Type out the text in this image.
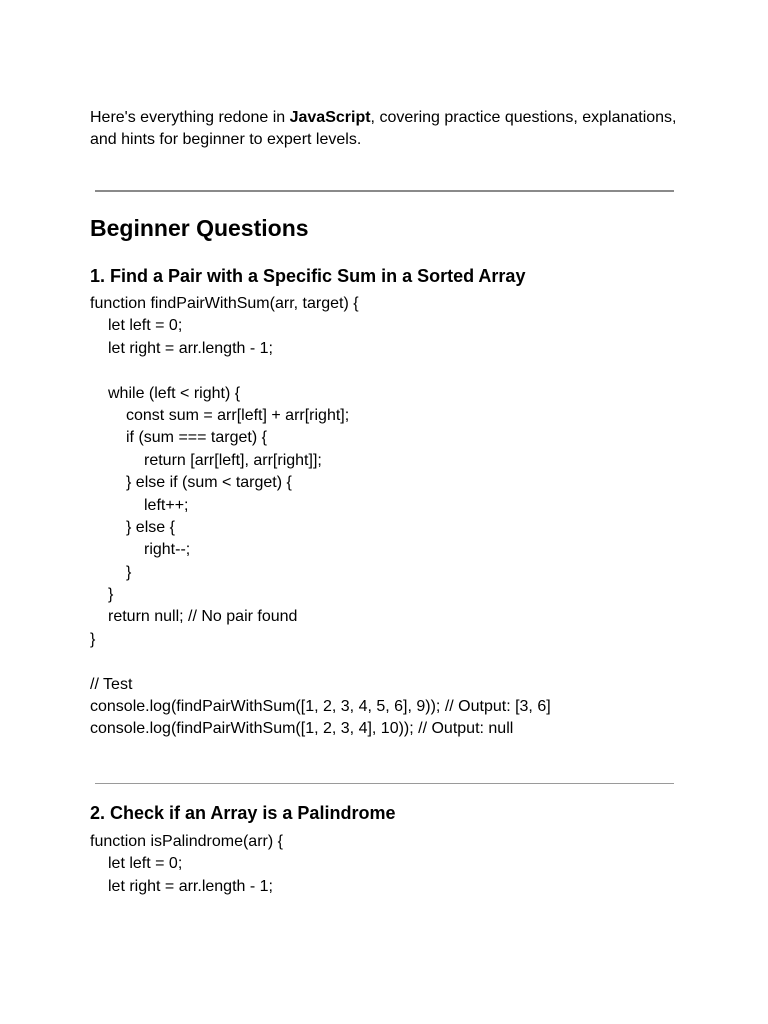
Here's everything redone in JavaScript, covering practice questions, explanations, and hints for beginner to expert levels.

Beginner Questions
1. Find a Pair with a Specific Sum in a Sorted Array
function findPairWithSum(arr, target) {
let left = 0;
let right = arr.length - 1;
while (left < right) {
const sum = arr[left] + arr[right];
if (sum === target) {
return [arr[left], arr[right]];
} else if (sum < target) {
left++;
} else {
right--;
}
}
return null; // No pair found
}
// Test
console.log(findPairWithSum([1, 2, 3, 4, 5, 6], 9)); // Output: [3, 6]
console.log(findPairWithSum([1, 2, 3, 4], 10)); // Output: null
2. Check if an Array is a Palindrome
function isPalindrome(arr) {
let left = 0;
let right = arr.length - 1;
